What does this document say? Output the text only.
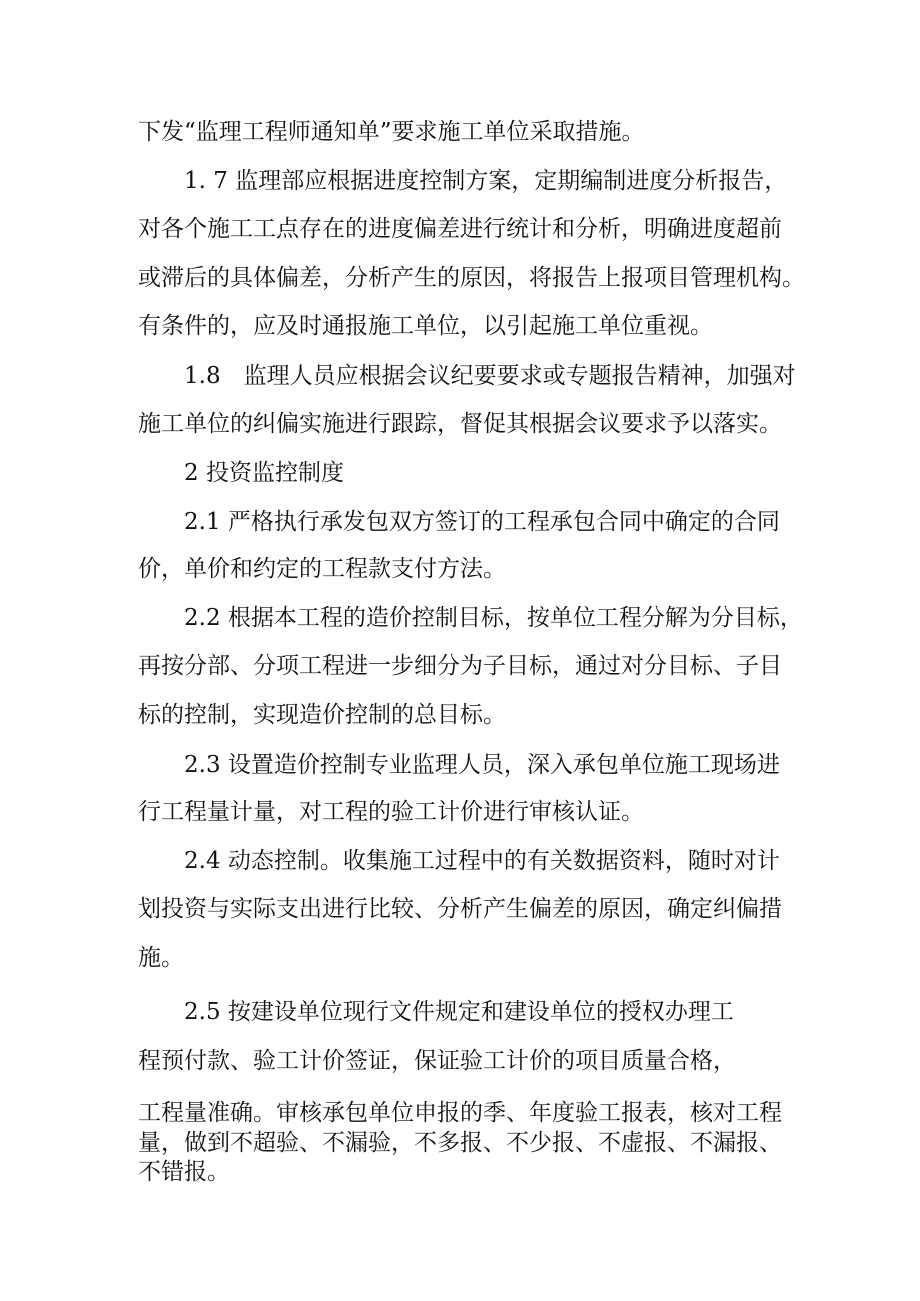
下发“监理工程师通知单”要求施工单位采取措施。
1. 7 监理部应根据进度控制方案，定期编制进度分析报告，
对各个施工工点存在的进度偏差进行统计和分析，明确进度超前
或滞后的具体偏差，分析产生的原因，将报告上报项目管理机构。
有条件的，应及时通报施工单位，以引起施工单位重视。
1.8　监理人员应根据会议纪要要求或专题报告精神，加强对
施工单位的纠偏实施进行跟踪，督促其根据会议要求予以落实。
2 投资监控制度
2.1 严格执行承发包双方签订的工程承包合同中确定的合同
价，单价和约定的工程款支付方法。
2.2 根据本工程的造价控制目标，按单位工程分解为分目标，
再按分部、分项工程进一步细分为子目标，通过对分目标、子目
标的控制，实现造价控制的总目标。
2.3 设置造价控制专业监理人员，深入承包单位施工现场进
行工程量计量，对工程的验工计价进行审核认证。
2.4 动态控制。收集施工过程中的有关数据资料，随时对计
划投资与实际支出进行比较、分析产生偏差的原因，确定纠偏措
施。
2.5 按建设单位现行文件规定和建设单位的授权办理工
程预付款、验工计价签证，保证验工计价的项目质量合格，
工程量准确。审核承包单位申报的季、年度验工报表，核对工程
量，做到不超验、不漏验，不多报、不少报、不虚报、不漏报、
不错报。
